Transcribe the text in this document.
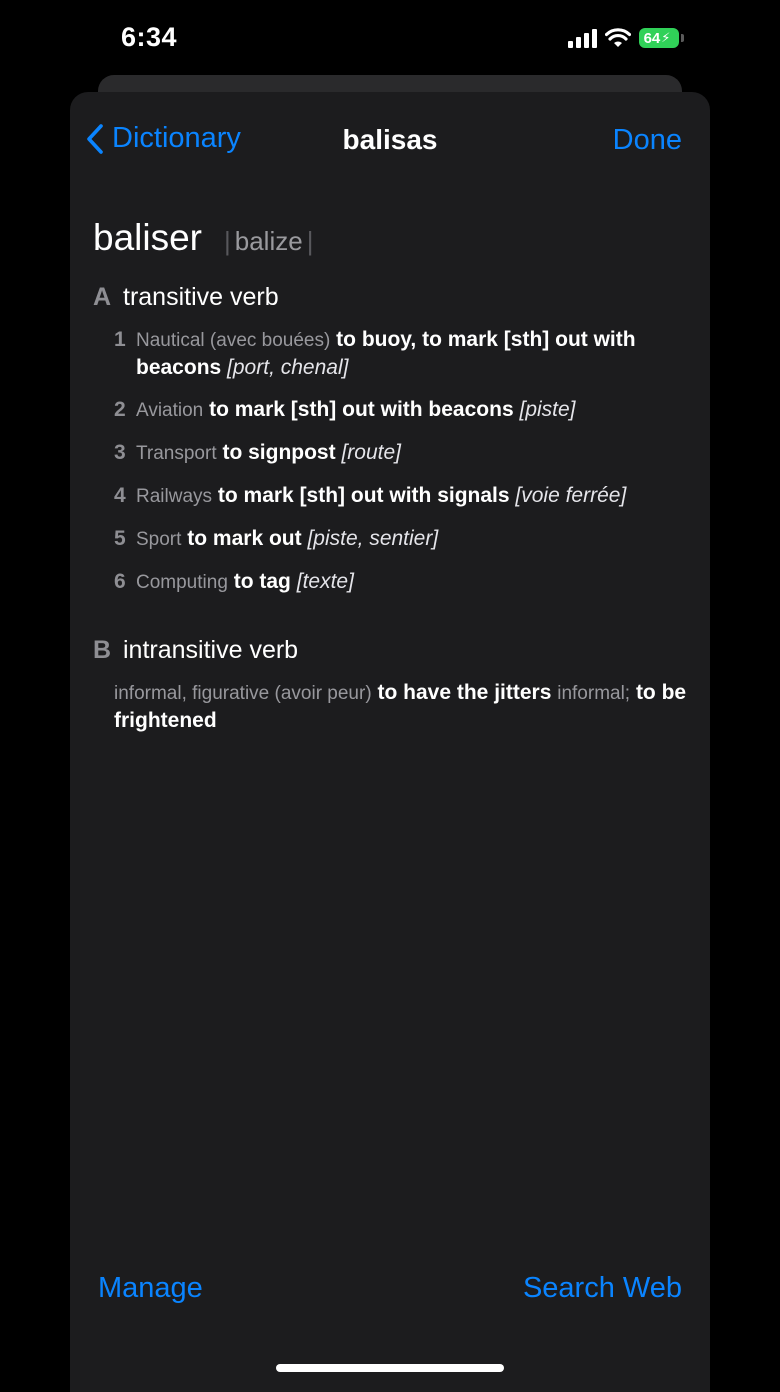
6:34	64 ⚡
Dictionary	balisas	Done
baliser | balize |
A transitive verb
1 Nautical (avec bouées) to buoy, to mark [sth] out with beacons [port, chenal]
2 Aviation to mark [sth] out with beacons [piste]
3 Transport to signpost [route]
4 Railways to mark [sth] out with signals [voie ferrée]
5 Sport to mark out [piste, sentier]
6 Computing to tag [texte]
B intransitive verb
informal, figurative (avoir peur) to have the jitters informal; to be frightened
Manage	Search Web
